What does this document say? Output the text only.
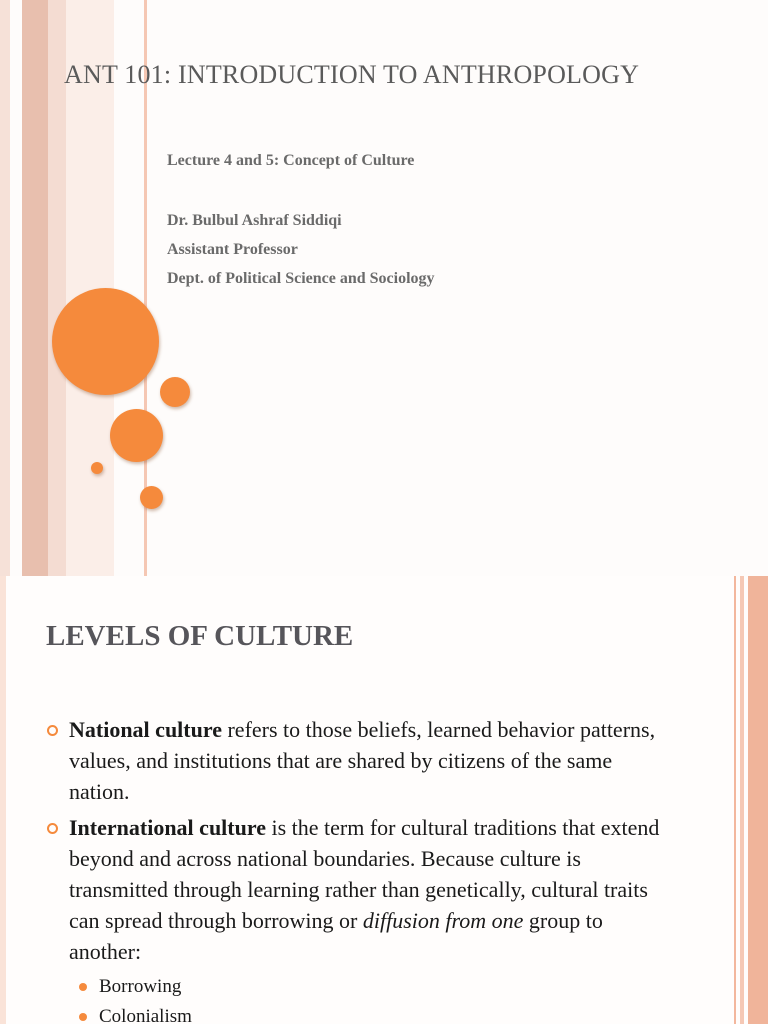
ANT 101: INTRODUCTION TO ANTHROPOLOGY
Lecture 4 and 5: Concept of Culture
Dr. Bulbul Ashraf Siddiqi
Assistant Professor
Dept. of Political Science and Sociology
LEVELS OF CULTURE
National culture refers to those beliefs, learned behavior patterns, values, and institutions that are shared by citizens of the same nation.
International culture is the term for cultural traditions that extend beyond and across national boundaries. Because culture is transmitted through learning rather than genetically, cultural traits can spread through borrowing or diffusion from one group to another:
Borrowing
Colonialism
